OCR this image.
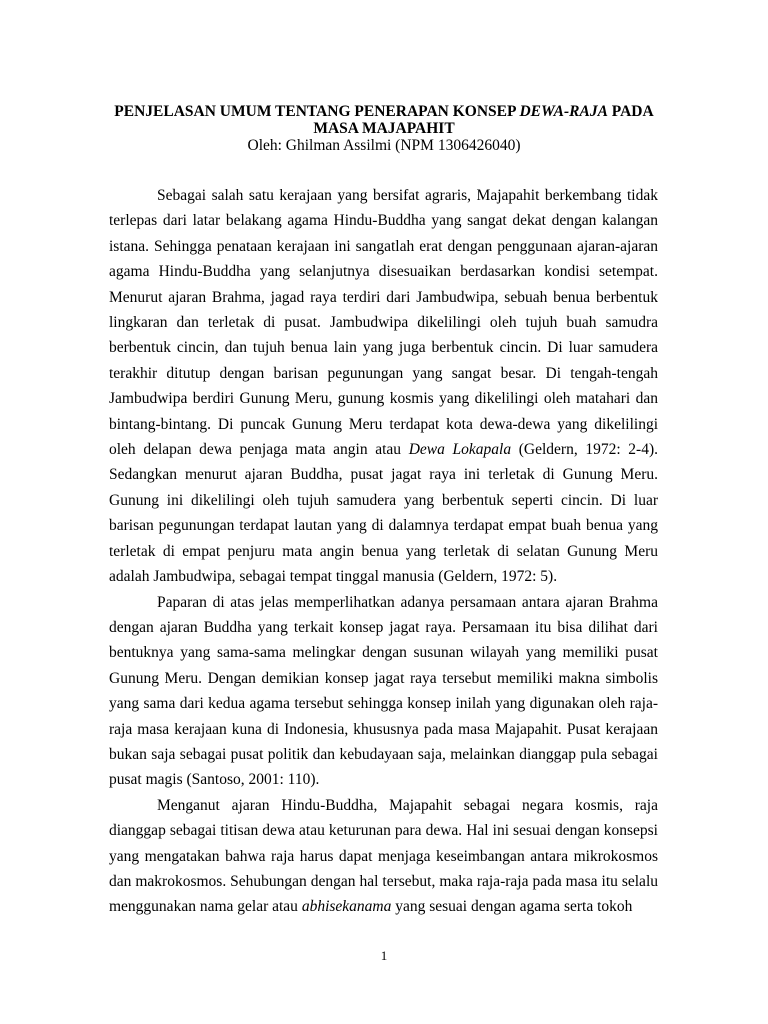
PENJELASAN UMUM TENTANG PENERAPAN KONSEP DEWA-RAJA PADA
MASA MAJAPAHIT
Oleh: Ghilman Assilmi (NPM 1306426040)

Sebagai salah satu kerajaan yang bersifat agraris, Majapahit berkembang tidak
terlepas dari latar belakang agama Hindu-Buddha yang sangat dekat dengan kalangan
istana. Sehingga penataan kerajaan ini sangatlah erat dengan penggunaan ajaran-ajaran
agama Hindu-Buddha yang selanjutnya disesuaikan berdasarkan kondisi setempat.
Menurut ajaran Brahma, jagad raya terdiri dari Jambudwipa, sebuah benua berbentuk
lingkaran dan terletak di pusat. Jambudwipa dikelilingi oleh tujuh buah samudra
berbentuk cincin, dan tujuh benua lain yang juga berbentuk cincin. Di luar samudera
terakhir ditutup dengan barisan pegunungan yang sangat besar. Di tengah-tengah
Jambudwipa berdiri Gunung Meru, gunung kosmis yang dikelilingi oleh matahari dan
bintang-bintang. Di puncak Gunung Meru terdapat kota dewa-dewa yang dikelilingi
oleh delapan dewa penjaga mata angin atau Dewa Lokapala (Geldern, 1972: 2-4).
Sedangkan menurut ajaran Buddha, pusat jagat raya ini terletak di Gunung Meru.
Gunung ini dikelilingi oleh tujuh samudera yang berbentuk seperti cincin. Di luar
barisan pegunungan terdapat lautan yang di dalamnya terdapat empat buah benua yang
terletak di empat penjuru mata angin benua yang terletak di selatan Gunung Meru
adalah Jambudwipa, sebagai tempat tinggal manusia (Geldern, 1972: 5).

Paparan di atas jelas memperlihatkan adanya persamaan antara ajaran Brahma
dengan ajaran Buddha yang terkait konsep jagat raya. Persamaan itu bisa dilihat dari
bentuknya yang sama-sama melingkar dengan susunan wilayah yang memiliki pusat
Gunung Meru. Dengan demikian konsep jagat raya tersebut memiliki makna simbolis
yang sama dari kedua agama tersebut sehingga konsep inilah yang digunakan oleh raja-
raja masa kerajaan kuna di Indonesia, khususnya pada masa Majapahit. Pusat kerajaan
bukan saja sebagai pusat politik dan kebudayaan saja, melainkan dianggap pula sebagai
pusat magis (Santoso, 2001: 110).

Menganut ajaran Hindu-Buddha, Majapahit sebagai negara kosmis, raja
dianggap sebagai titisan dewa atau keturunan para dewa. Hal ini sesuai dengan konsepsi
yang mengatakan bahwa raja harus dapat menjaga keseimbangan antara mikrokosmos
dan makrokosmos. Sehubungan dengan hal tersebut, maka raja-raja pada masa itu selalu
menggunakan nama gelar atau abhisekanama yang sesuai dengan agama serta tokoh

1
